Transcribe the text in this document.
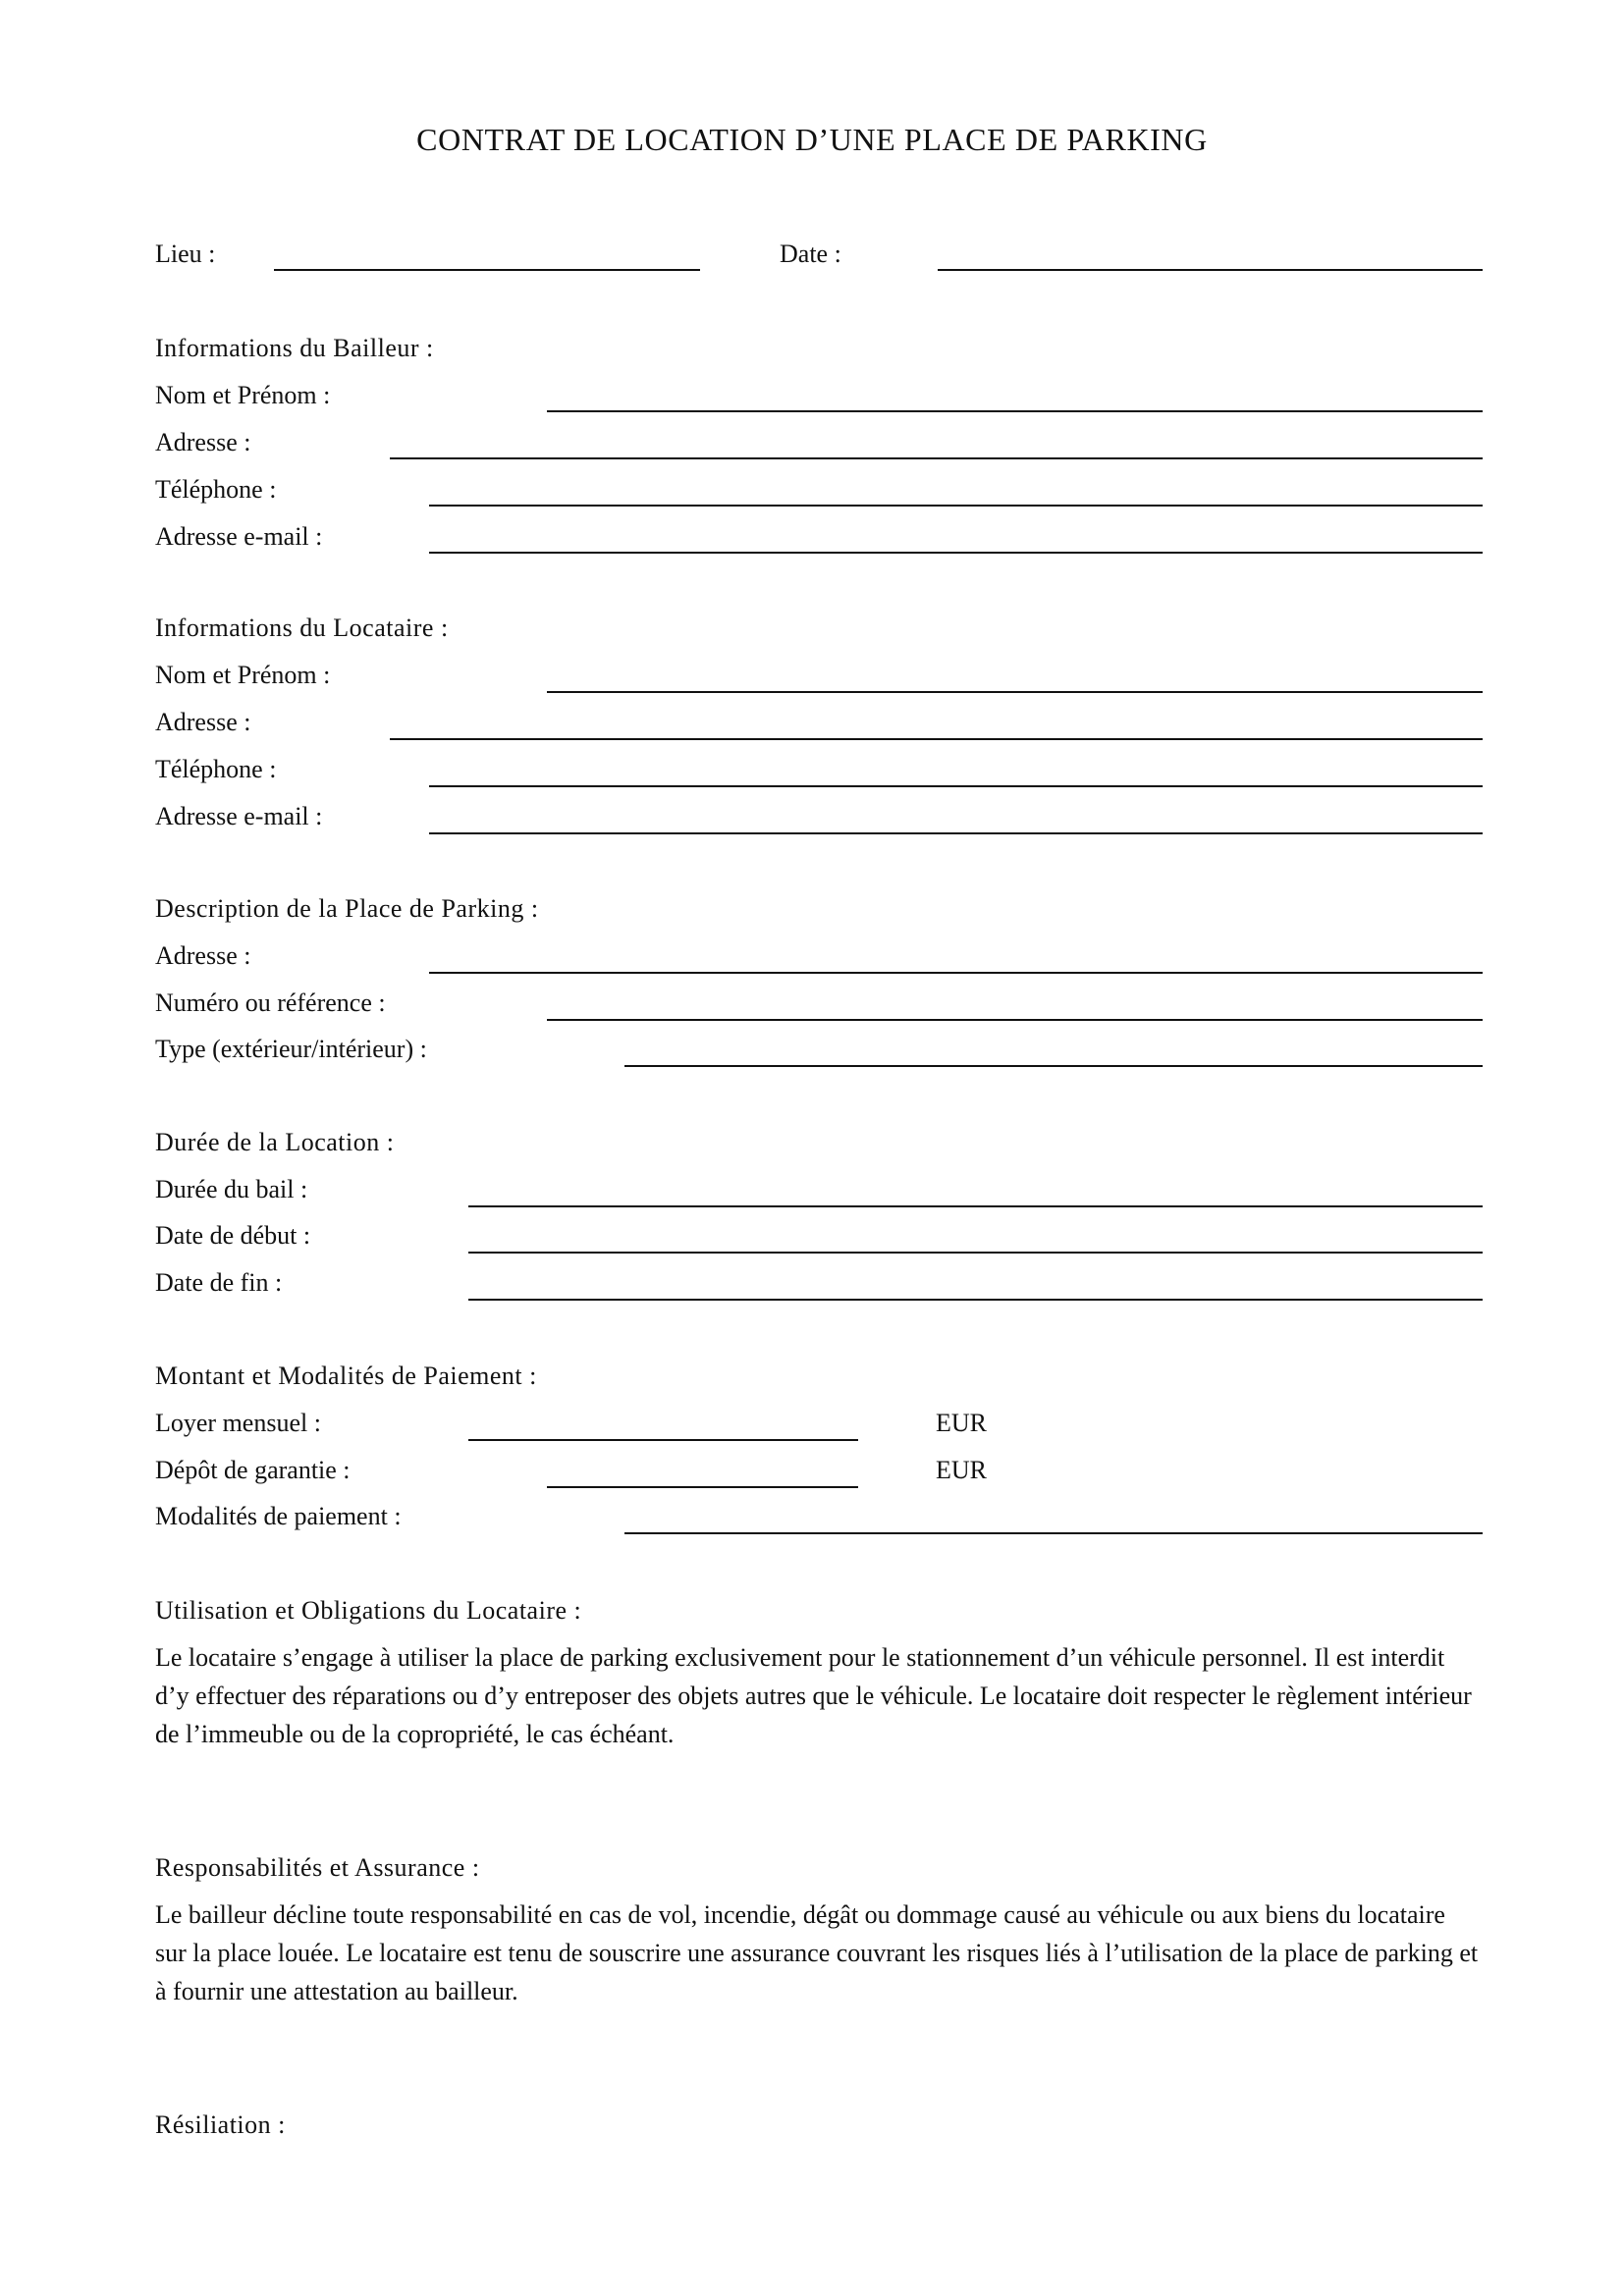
CONTRAT DE LOCATION D’UNE PLACE DE PARKING
Lieu :	Date :
Informations du Bailleur :
Nom et Prénom :
Adresse :
Téléphone :
Adresse e-mail :
Informations du Locataire :
Nom et Prénom :
Adresse :
Téléphone :
Adresse e-mail :
Description de la Place de Parking :
Adresse :
Numéro ou référence :
Type (extérieur/intérieur) :
Durée de la Location :
Durée du bail :
Date de début :
Date de fin :
Montant et Modalités de Paiement :
Loyer mensuel :	EUR
Dépôt de garantie :	EUR
Modalités de paiement :
Utilisation et Obligations du Locataire :
Le locataire s’engage à utiliser la place de parking exclusivement pour le stationnement d’un véhicule personnel. Il est interdit d’y effectuer des réparations ou d’y entreposer des objets autres que le véhicule. Le locataire doit respecter le règlement intérieur de l’immeuble ou de la copropriété, le cas échéant.
Responsabilités et Assurance :
Le bailleur décline toute responsabilité en cas de vol, incendie, dégât ou dommage causé au véhicule ou aux biens du locataire sur la place louée. Le locataire est tenu de souscrire une assurance couvrant les risques liés à l’utilisation de la place de parking et à fournir une attestation au bailleur.
Résiliation :
